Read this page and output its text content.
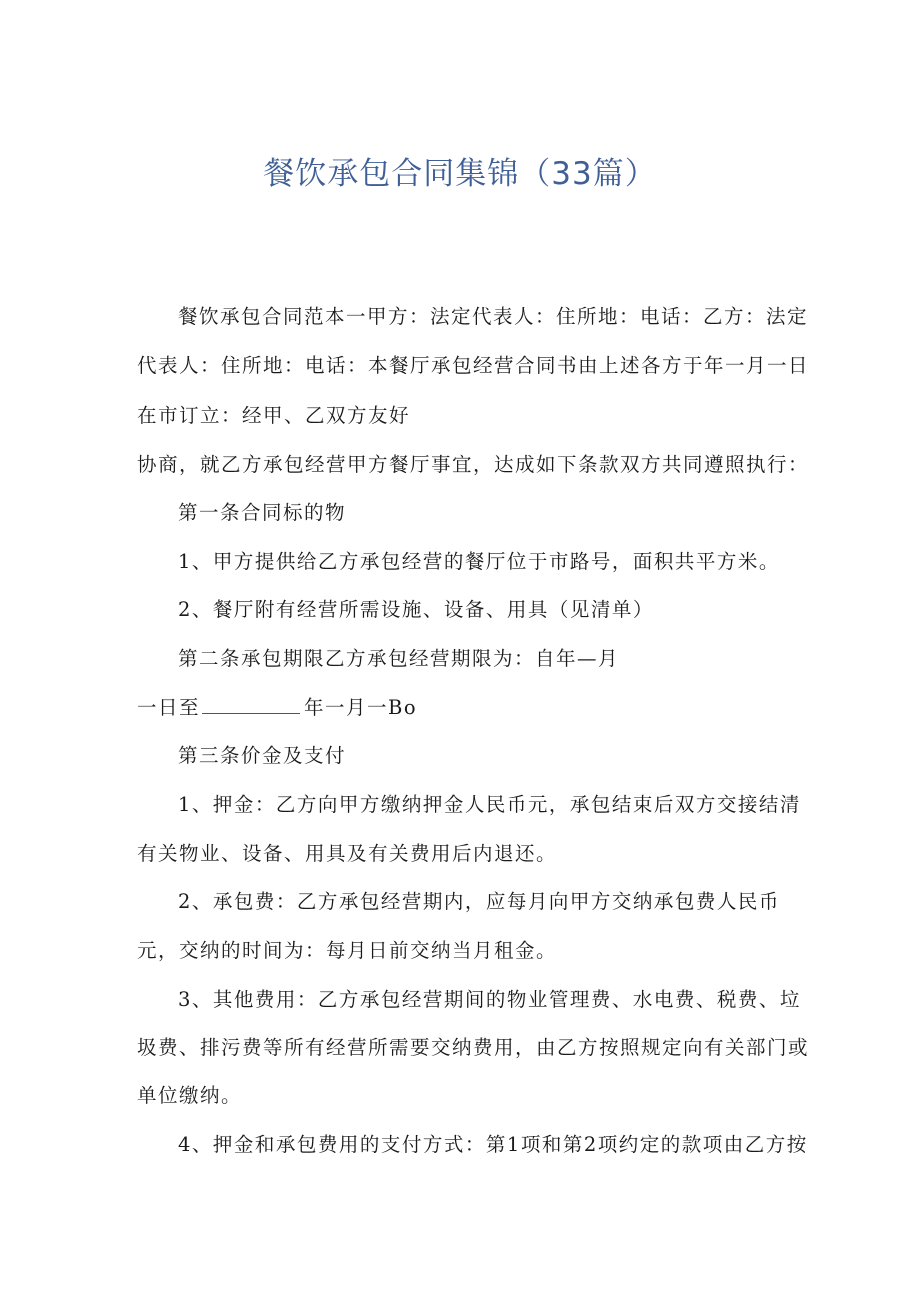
餐饮承包合同集锦（33篇）
餐饮承包合同范本一甲方：法定代表人：住所地：电话：乙方：法定
代表人：住所地：电话：本餐厅承包经营合同书由上述各方于年一月一日
在市订立：经甲、乙双方友好
协商，就乙方承包经营甲方餐厅事宜，达成如下条款双方共同遵照执行：
第一条合同标的物
1、甲方提供给乙方承包经营的餐厅位于市路号，面积共平方米。
2、餐厅附有经营所需设施、设备、用具（见清单）
第二条承包期限乙方承包经营期限为：自年—月
一日至	年一月一Bo
第三条价金及支付
1、押金：乙方向甲方缴纳押金人民币元，承包结束后双方交接结清
有关物业、设备、用具及有关费用后内退还。
2、承包费：乙方承包经营期内，应每月向甲方交纳承包费人民币
元，交纳的时间为：每月日前交纳当月租金。
3、其他费用：乙方承包经营期间的物业管理费、水电费、税费、垃
圾费、排污费等所有经营所需要交纳费用，由乙方按照规定向有关部门或
单位缴纳。
4、押金和承包费用的支付方式：第1项和第2项约定的款项由乙方按
